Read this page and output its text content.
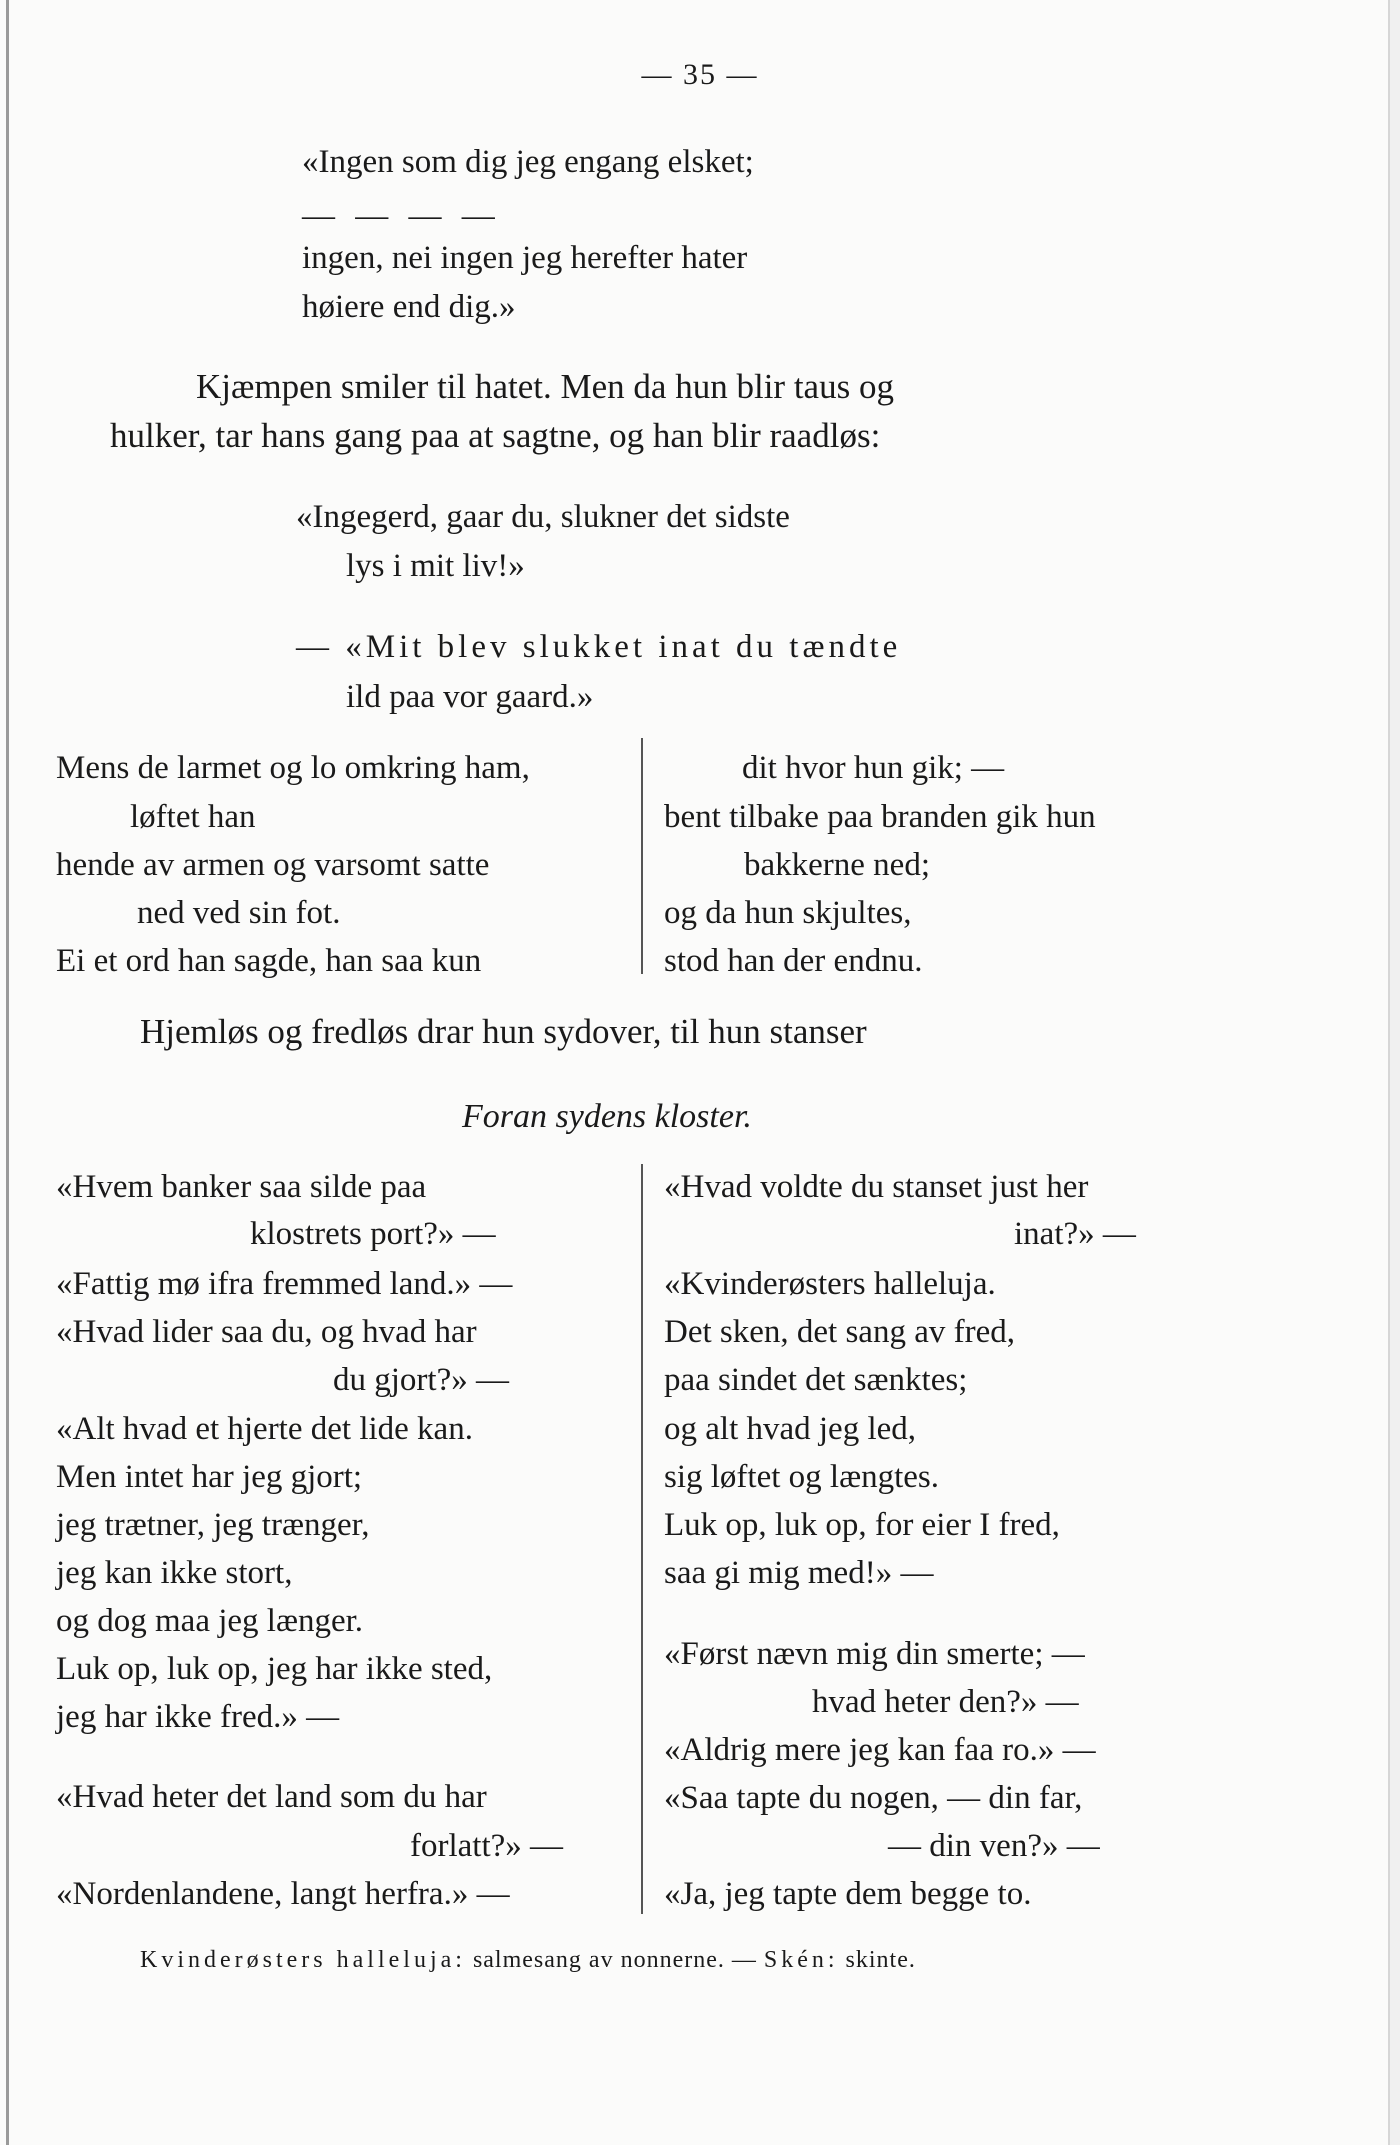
— 35 —
«Ingen som dig jeg engang elsket;
— — — —
ingen, nei ingen jeg herefter hater
høiere end dig.»
Kjæmpen smiler til hatet. Men da hun blir taus og
hulker, tar hans gang paa at sagtne, og han blir raadløs:
«Ingegerd, gaar du, slukner det sidste
lys i mit liv!»
— «Mit blev slukket inat du tændte
ild paa vor gaard.»
Mens de larmet og lo omkring ham,
løftet han
hende av armen og varsomt satte
ned ved sin fot.
Ei et ord han sagde, han saa kun
dit hvor hun gik; —
bent tilbake paa branden gik hun
bakkerne ned;
og da hun skjultes,
stod han der endnu.
Hjemløs og fredløs drar hun sydover, til hun stanser
Foran sydens kloster.
«Hvem banker saa silde paa
klostrets port?» —
«Fattig mø ifra fremmed land.» —
«Hvad lider saa du, og hvad har
du gjort?» —
«Alt hvad et hjerte det lide kan.
Men intet har jeg gjort;
jeg trætner, jeg trænger,
jeg kan ikke stort,
og dog maa jeg længer.
Luk op, luk op, jeg har ikke sted,
jeg har ikke fred.» —
«Hvad heter det land som du har
forlatt?» —
«Nordenlandene, langt herfra.» —
«Hvad voldte du stanset just her
inat?» —
«Kvinderøsters halleluja.
Det sken, det sang av fred,
paa sindet det sænktes;
og alt hvad jeg led,
sig løftet og længtes.
Luk op, luk op, for eier I fred,
saa gi mig med!» —
«Først nævn mig din smerte; —
hvad heter den?» —
«Aldrig mere jeg kan faa ro.» —
«Saa tapte du nogen, — din far,
— din ven?» —
«Ja, jeg tapte dem begge to.
Kvinderøsters halleluja: salmesang av nonnerne. — Skén: skinte.
